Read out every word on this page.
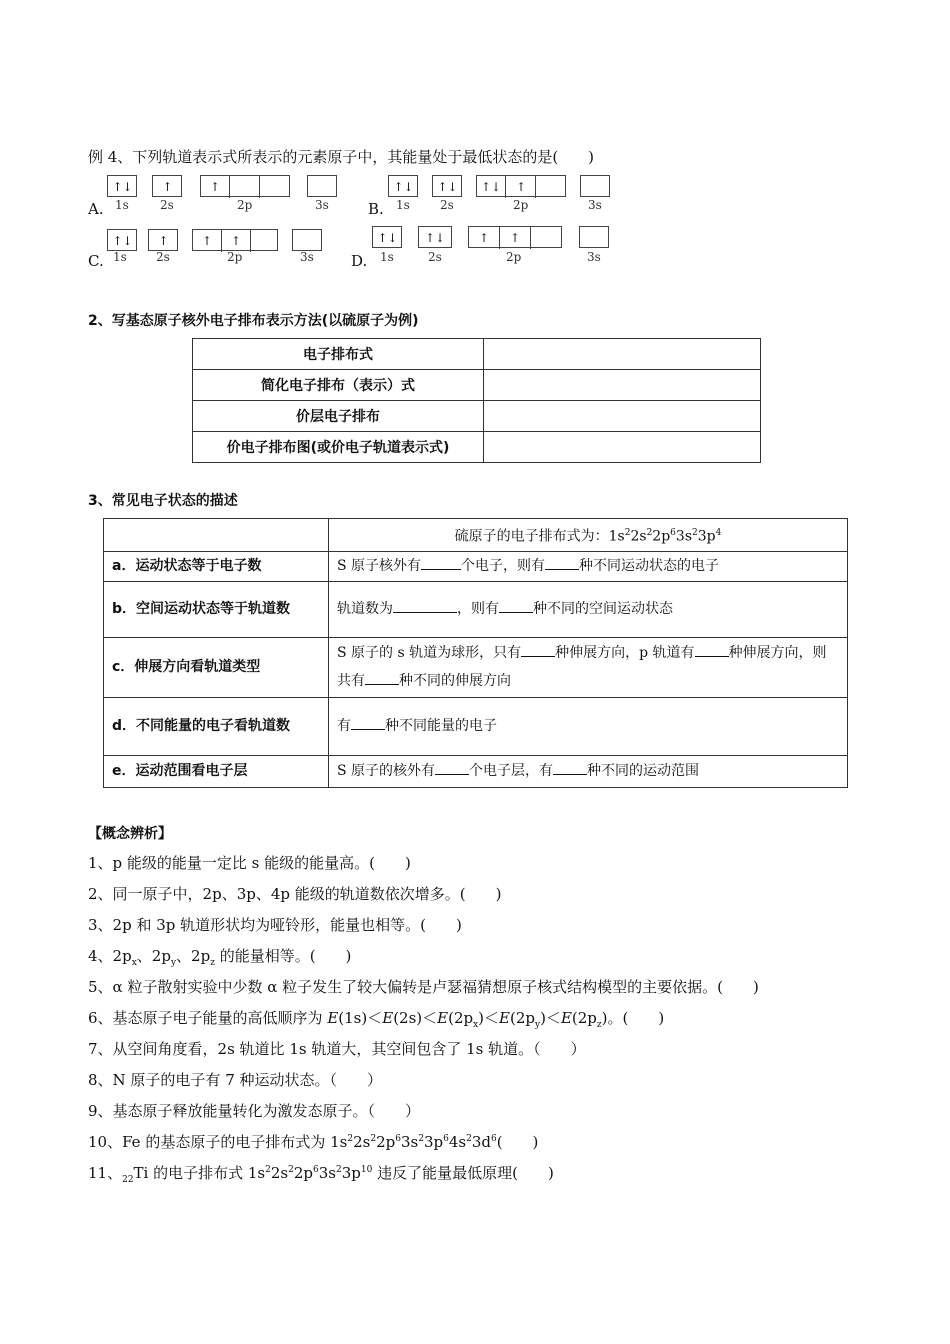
例 4、下列轨道表示式所表示的元素原子中，其能量处于最低状态的是(　　)
A.
↑↓	↑	↑
1s	2s	2p	3s	B.
↑↓	↑↓	↑↓	↑
1s	2s	2p	3s
C.
↑↓	↑	↑	↑
1s 2s	2p	3s D.
↑↓	↑↓	↑	↑
1s	2s	2p	3s
2、写基态原子核外电子排布表示方法(以硫原子为例)
电子排布式	
简化电子排布（表示）式	
价层电子排布	
价电子排布图(或价电子轨道表示式)	
3、常见电子状态的描述
	硫原子的电子排布式为：$1s^22s^22p^63s^23p^4$
a．运动状态等于电子数	S 原子核外有 个电子，则有 种不同运动状态的电子
b．空间运动状态等于轨道数	轨道数为 ，则有 种不同的空间运动状态
c．伸展方向看轨道类型	S 原子的 s 轨道为球形，只有 种伸展方向，p 轨道有 种伸展方向，则共有 种不同的伸展方向
d．不同能量的电子看轨道数	有 种不同能量的电子
e．运动范围看电子层	S 原子的核外有 个电子层，有 种不同的运动范围
【概念辨析】
1、p 能级的能量一定比 s 能级的能量高。(　　)
2、同一原子中，2p、3p、4p 能级的轨道数依次增多。(　　)
3、2p 和 3p 轨道形状均为哑铃形，能量也相等。(　　)
4、$2p_x$、$2p_y$、$2p_z$ 的能量相等。(　　)
5、α 粒子散射实验中少数 α 粒子发生了较大偏转是卢瑟福猜想原子核式结构模型的主要依据。(　　)
6、基态原子电子能量的高低顺序为 $E(1s)<E(2s)<E(2p_x)<E(2p_y)<E(2p_z)$。(　　)
7、从空间角度看，2s 轨道比 1s 轨道大，其空间包含了 1s 轨道。（　　）
8、N 原子的电子有 7 种运动状态。（　　）
9、基态原子释放能量转化为激发态原子。（　　）
10、Fe 的基态原子的电子排布式为 $1s^22s^22p^63s^23p^64s^23d^6$(　　)
11、$_{22}$Ti 的电子排布式 $1s^22s^22p^63s^23p^{10}$ 违反了能量最低原理(　　)
